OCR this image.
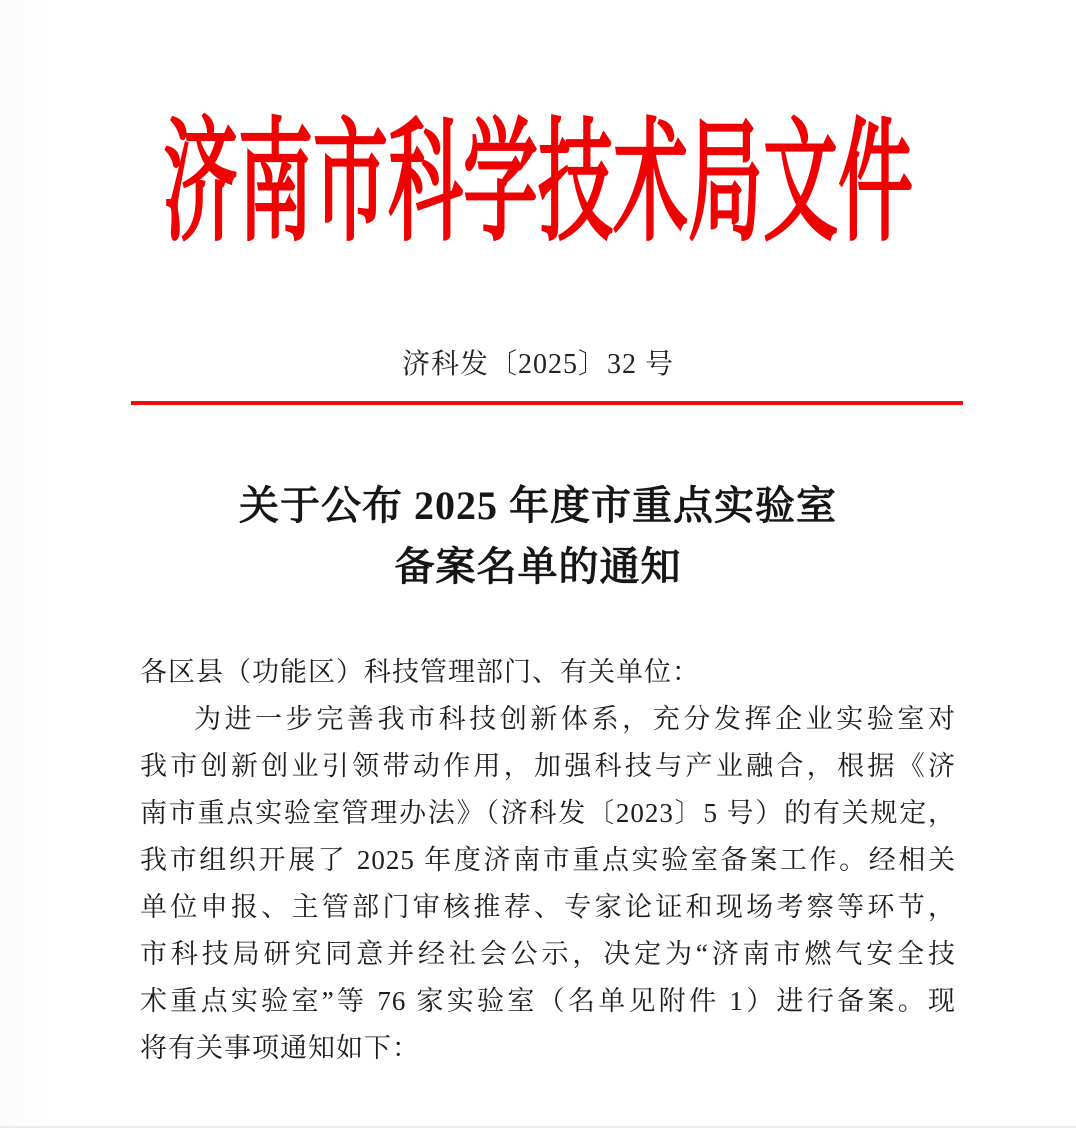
济南市科学技术局文件
济科发〔2025〕32 号
关于公布 2025 年度市重点实验室
备案名单的通知
各区县（功能区）科技管理部门、有关单位：
为进一步完善我市科技创新体系，充分发挥企业实验室对
我市创新创业引领带动作用，加强科技与产业融合，根据《济
南市重点实验室管理办法》（济科发〔2023〕5 号）的有关规定，
我市组织开展了 2025 年度济南市重点实验室备案工作。经相关
单位申报、主管部门审核推荐、专家论证和现场考察等环节，
市科技局研究同意并经社会公示，决定为“济南市燃气安全技
术重点实验室”等 76 家实验室（名单见附件 1）进行备案。现
将有关事项通知如下：
